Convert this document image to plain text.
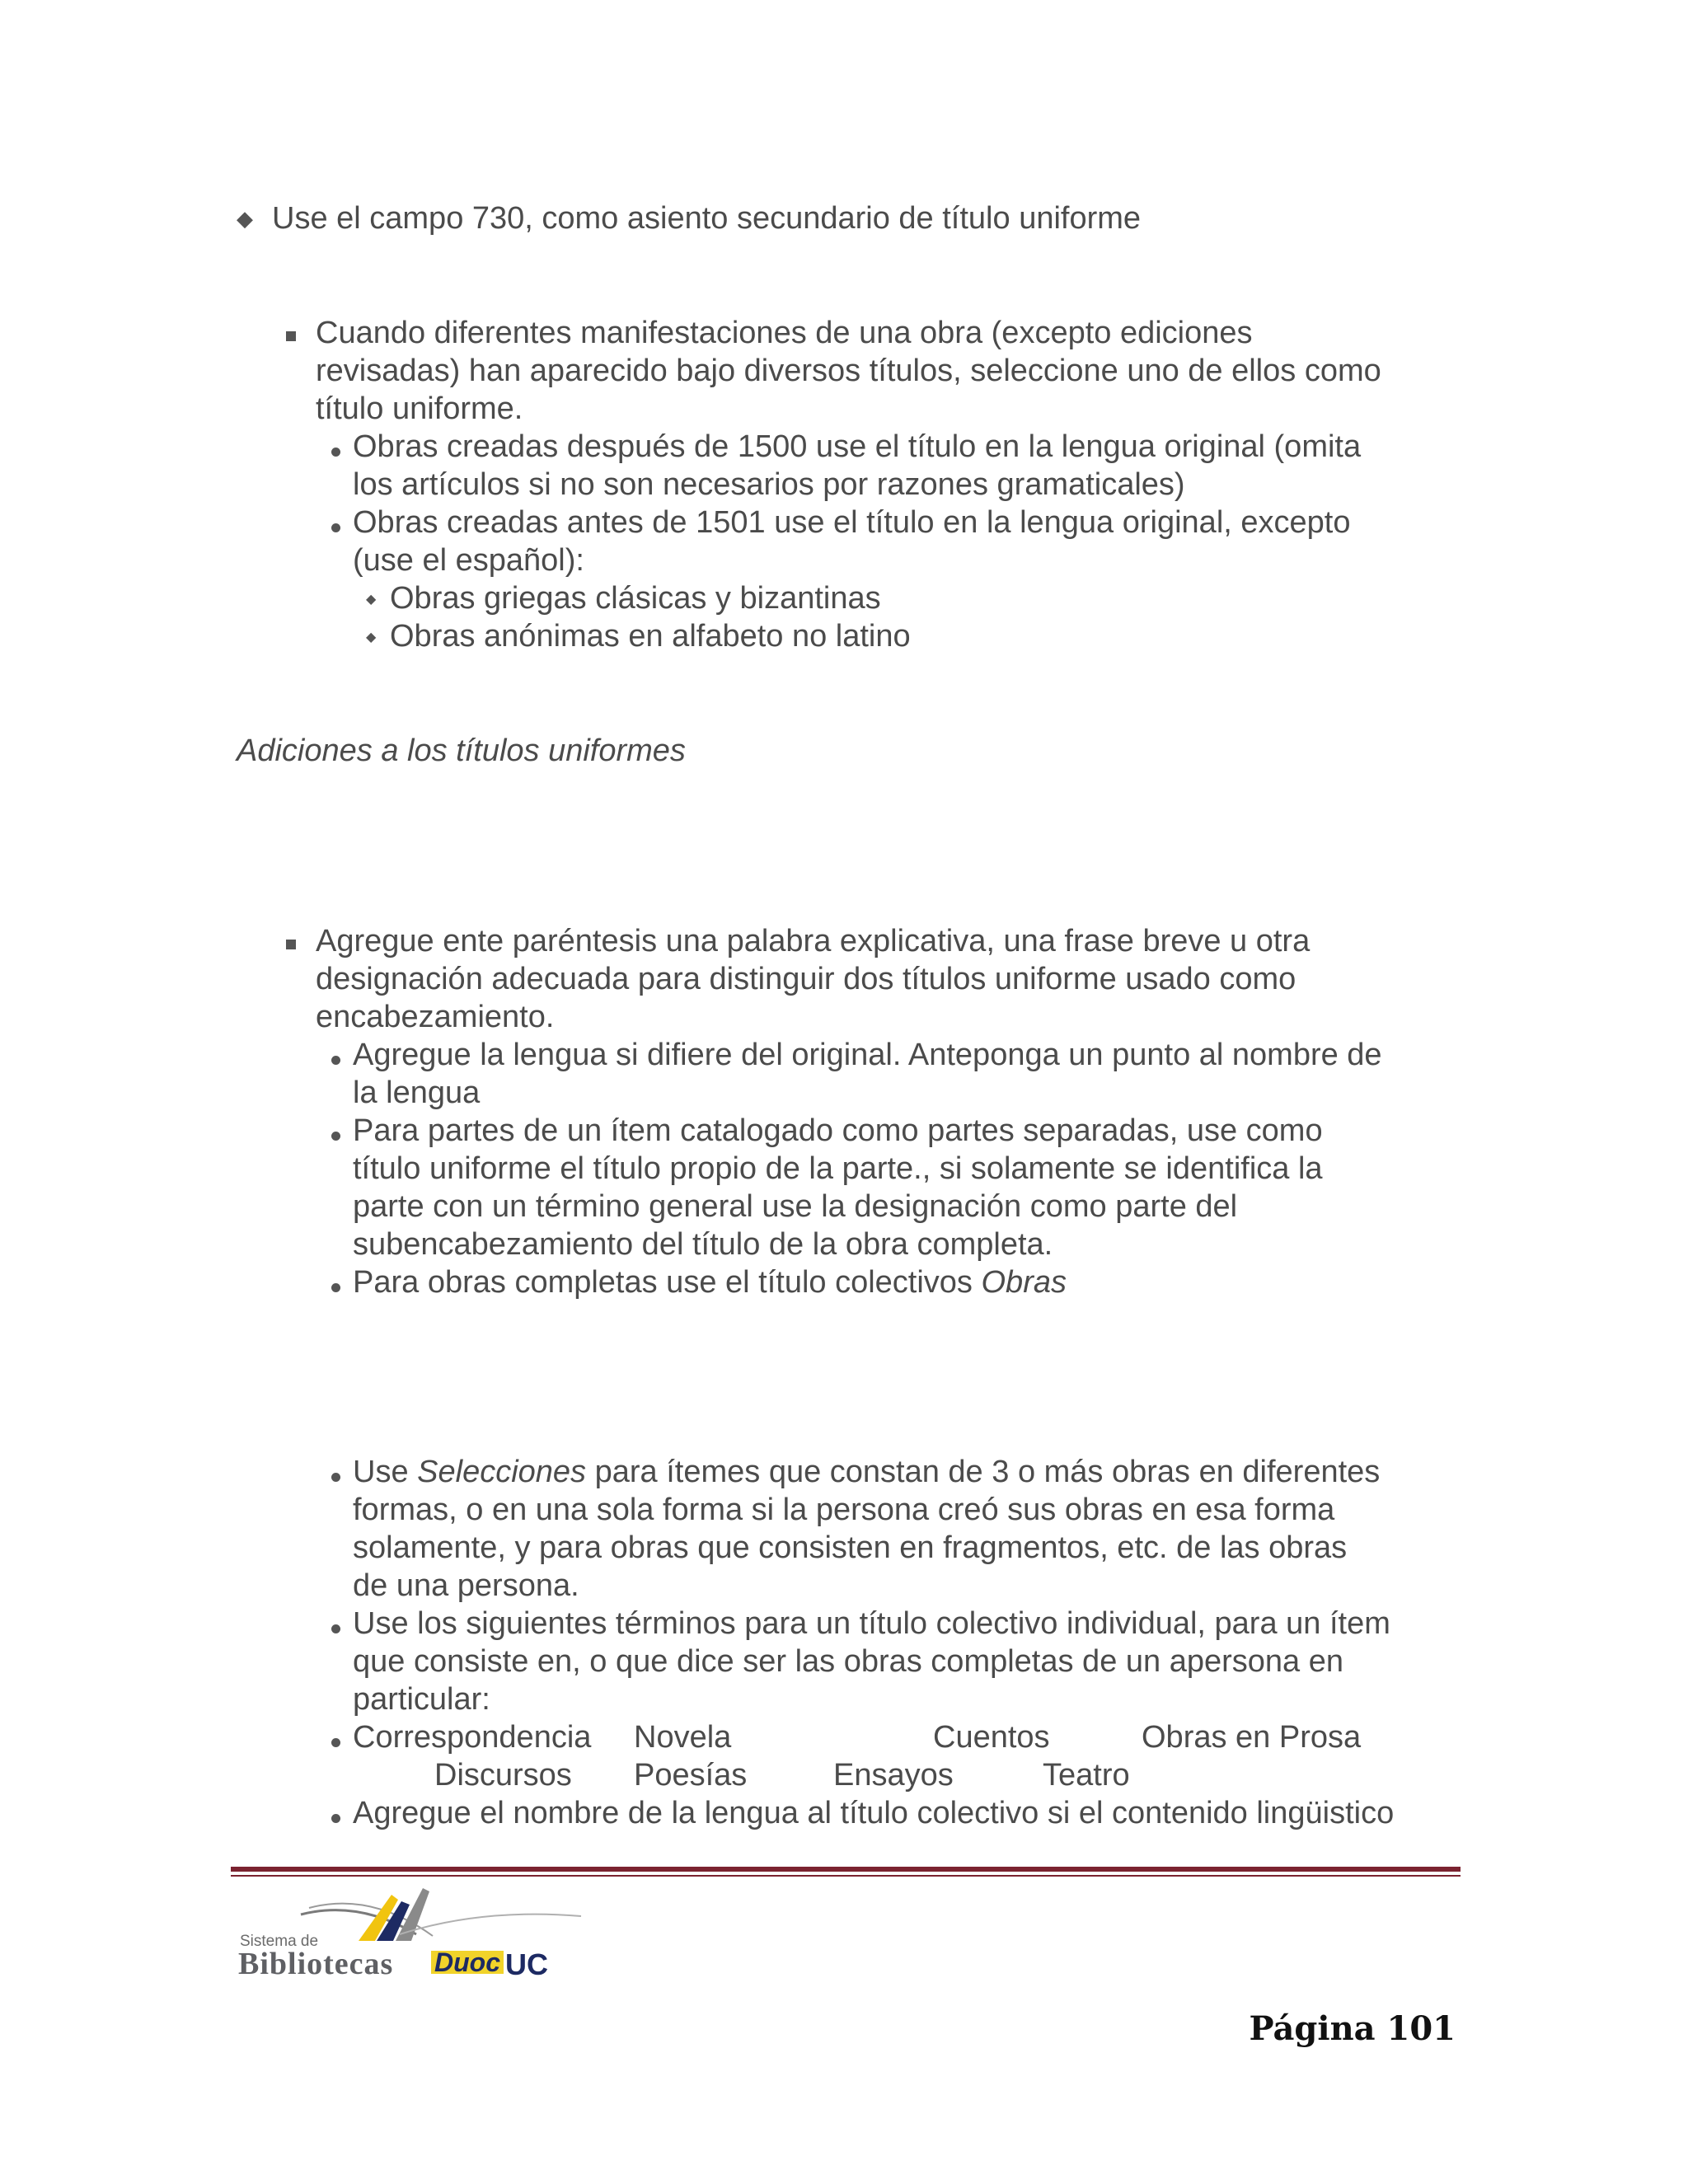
◆ Use el campo 730, como asiento secundario de título uniforme
Cuando diferentes manifestaciones de una obra (excepto ediciones
revisadas) han aparecido bajo diversos títulos, seleccione uno de ellos como
título uniforme.
Obras creadas después de 1500 use el título en la lengua original (omita
los artículos si no son necesarios por razones gramaticales)
Obras creadas antes de 1501 use el título en la lengua original, excepto
(use el español):
◆ Obras griegas clásicas y bizantinas
◆ Obras anónimas en alfabeto no latino
Adiciones a los títulos uniformes
Agregue ente paréntesis una palabra explicativa, una frase breve u otra
designación adecuada para distinguir dos títulos uniforme usado como
encabezamiento.
Agregue la lengua si difiere del original. Anteponga un punto al nombre de
la lengua
Para partes de un ítem catalogado como partes separadas, use como
título uniforme el título propio de la parte., si solamente se identifica la
parte con un término general use la designación como parte del
subencabezamiento del título de la obra completa.
Para obras completas use el título colectivos Obras
Use Selecciones para ítemes que constan de 3 o más obras en diferentes
formas, o en una sola forma si la persona creó sus obras en esa forma
solamente, y para obras que consisten en fragmentos, etc. de las obras
de una persona.
Use los siguientes términos para un título colectivo individual, para un ítem
que consiste en, o que dice ser las obras completas de un apersona en
particular:
Correspondencia Novela	Cuentos	Obras en Prosa
Discursos Poesías	Ensayos	Teatro
Agregue el nombre de la lengua al título colectivo si el contenido lingüistico
Sistema de
Bibliotecas Duoc UC
Página 101
